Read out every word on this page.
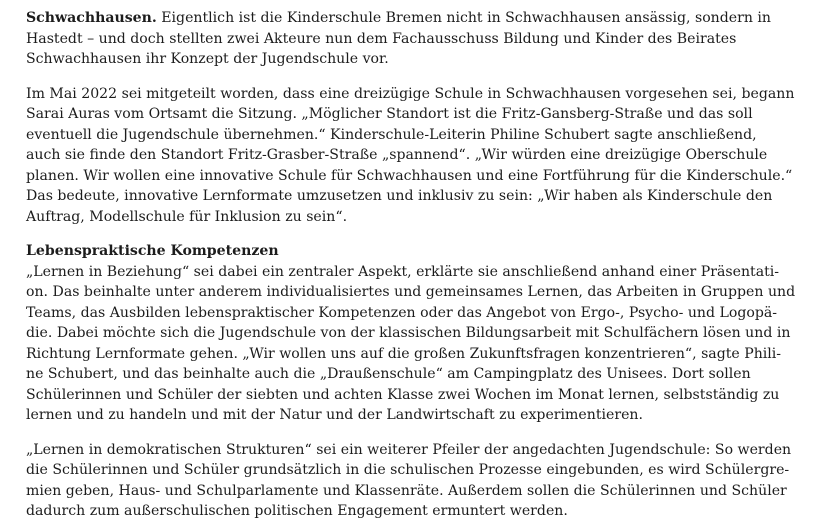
Schwachhausen. Eigentlich ist die Kinderschule Bremen nicht in Schwachhausen ansässig, sondern in
Hastedt – und doch stellten zwei Akteure nun dem Fachausschuss Bildung und Kinder des Beirates
Schwachhausen ihr Konzept der Jugendschule vor.

Im Mai 2022 sei mitgeteilt worden, dass eine dreizügige Schule in Schwachhausen vorgesehen sei, begann
Sarai Auras vom Ortsamt die Sitzung. „Möglicher Standort ist die Fritz-Gansberg-Straße und das soll
eventuell die Jugendschule übernehmen.“ Kinderschule-Leiterin Philine Schubert sagte anschließend,
auch sie finde den Standort Fritz-Grasber-Straße „spannend“. „Wir würden eine dreizügige Oberschule
planen. Wir wollen eine innovative Schule für Schwachhausen und eine Fortführung für die Kinderschule.“
Das bedeute, innovative Lernformate umzusetzen und inklusiv zu sein: „Wir haben als Kinderschule den
Auftrag, Modellschule für Inklusion zu sein“.

Lebenspraktische Kompetenzen

„Lernen in Beziehung“ sei dabei ein zentraler Aspekt, erklärte sie anschließend anhand einer Präsentati-
on. Das beinhalte unter anderem individualisiertes und gemeinsames Lernen, das Arbeiten in Gruppen und
Teams, das Ausbilden lebenspraktischer Kompetenzen oder das Angebot von Ergo-, Psycho- und Logopä-
die. Dabei möchte sich die Jugendschule von der klassischen Bildungsarbeit mit Schulfächern lösen und in
Richtung Lernformate gehen. „Wir wollen uns auf die großen Zukunftsfragen konzentrieren“, sagte Phili-
ne Schubert, und das beinhalte auch die „Draußenschule“ am Campingplatz des Unisees. Dort sollen
Schülerinnen und Schüler der siebten und achten Klasse zwei Wochen im Monat lernen, selbstständig zu
lernen und zu handeln und mit der Natur und der Landwirtschaft zu experimentieren.

„Lernen in demokratischen Strukturen“ sei ein weiterer Pfeiler der angedachten Jugendschule: So werden
die Schülerinnen und Schüler grundsätzlich in die schulischen Prozesse eingebunden, es wird Schülergre-
mien geben, Haus- und Schulparlamente und Klassenräte. Außerdem sollen die Schülerinnen und Schüler
dadurch zum außerschulischen politischen Engagement ermuntert werden.
